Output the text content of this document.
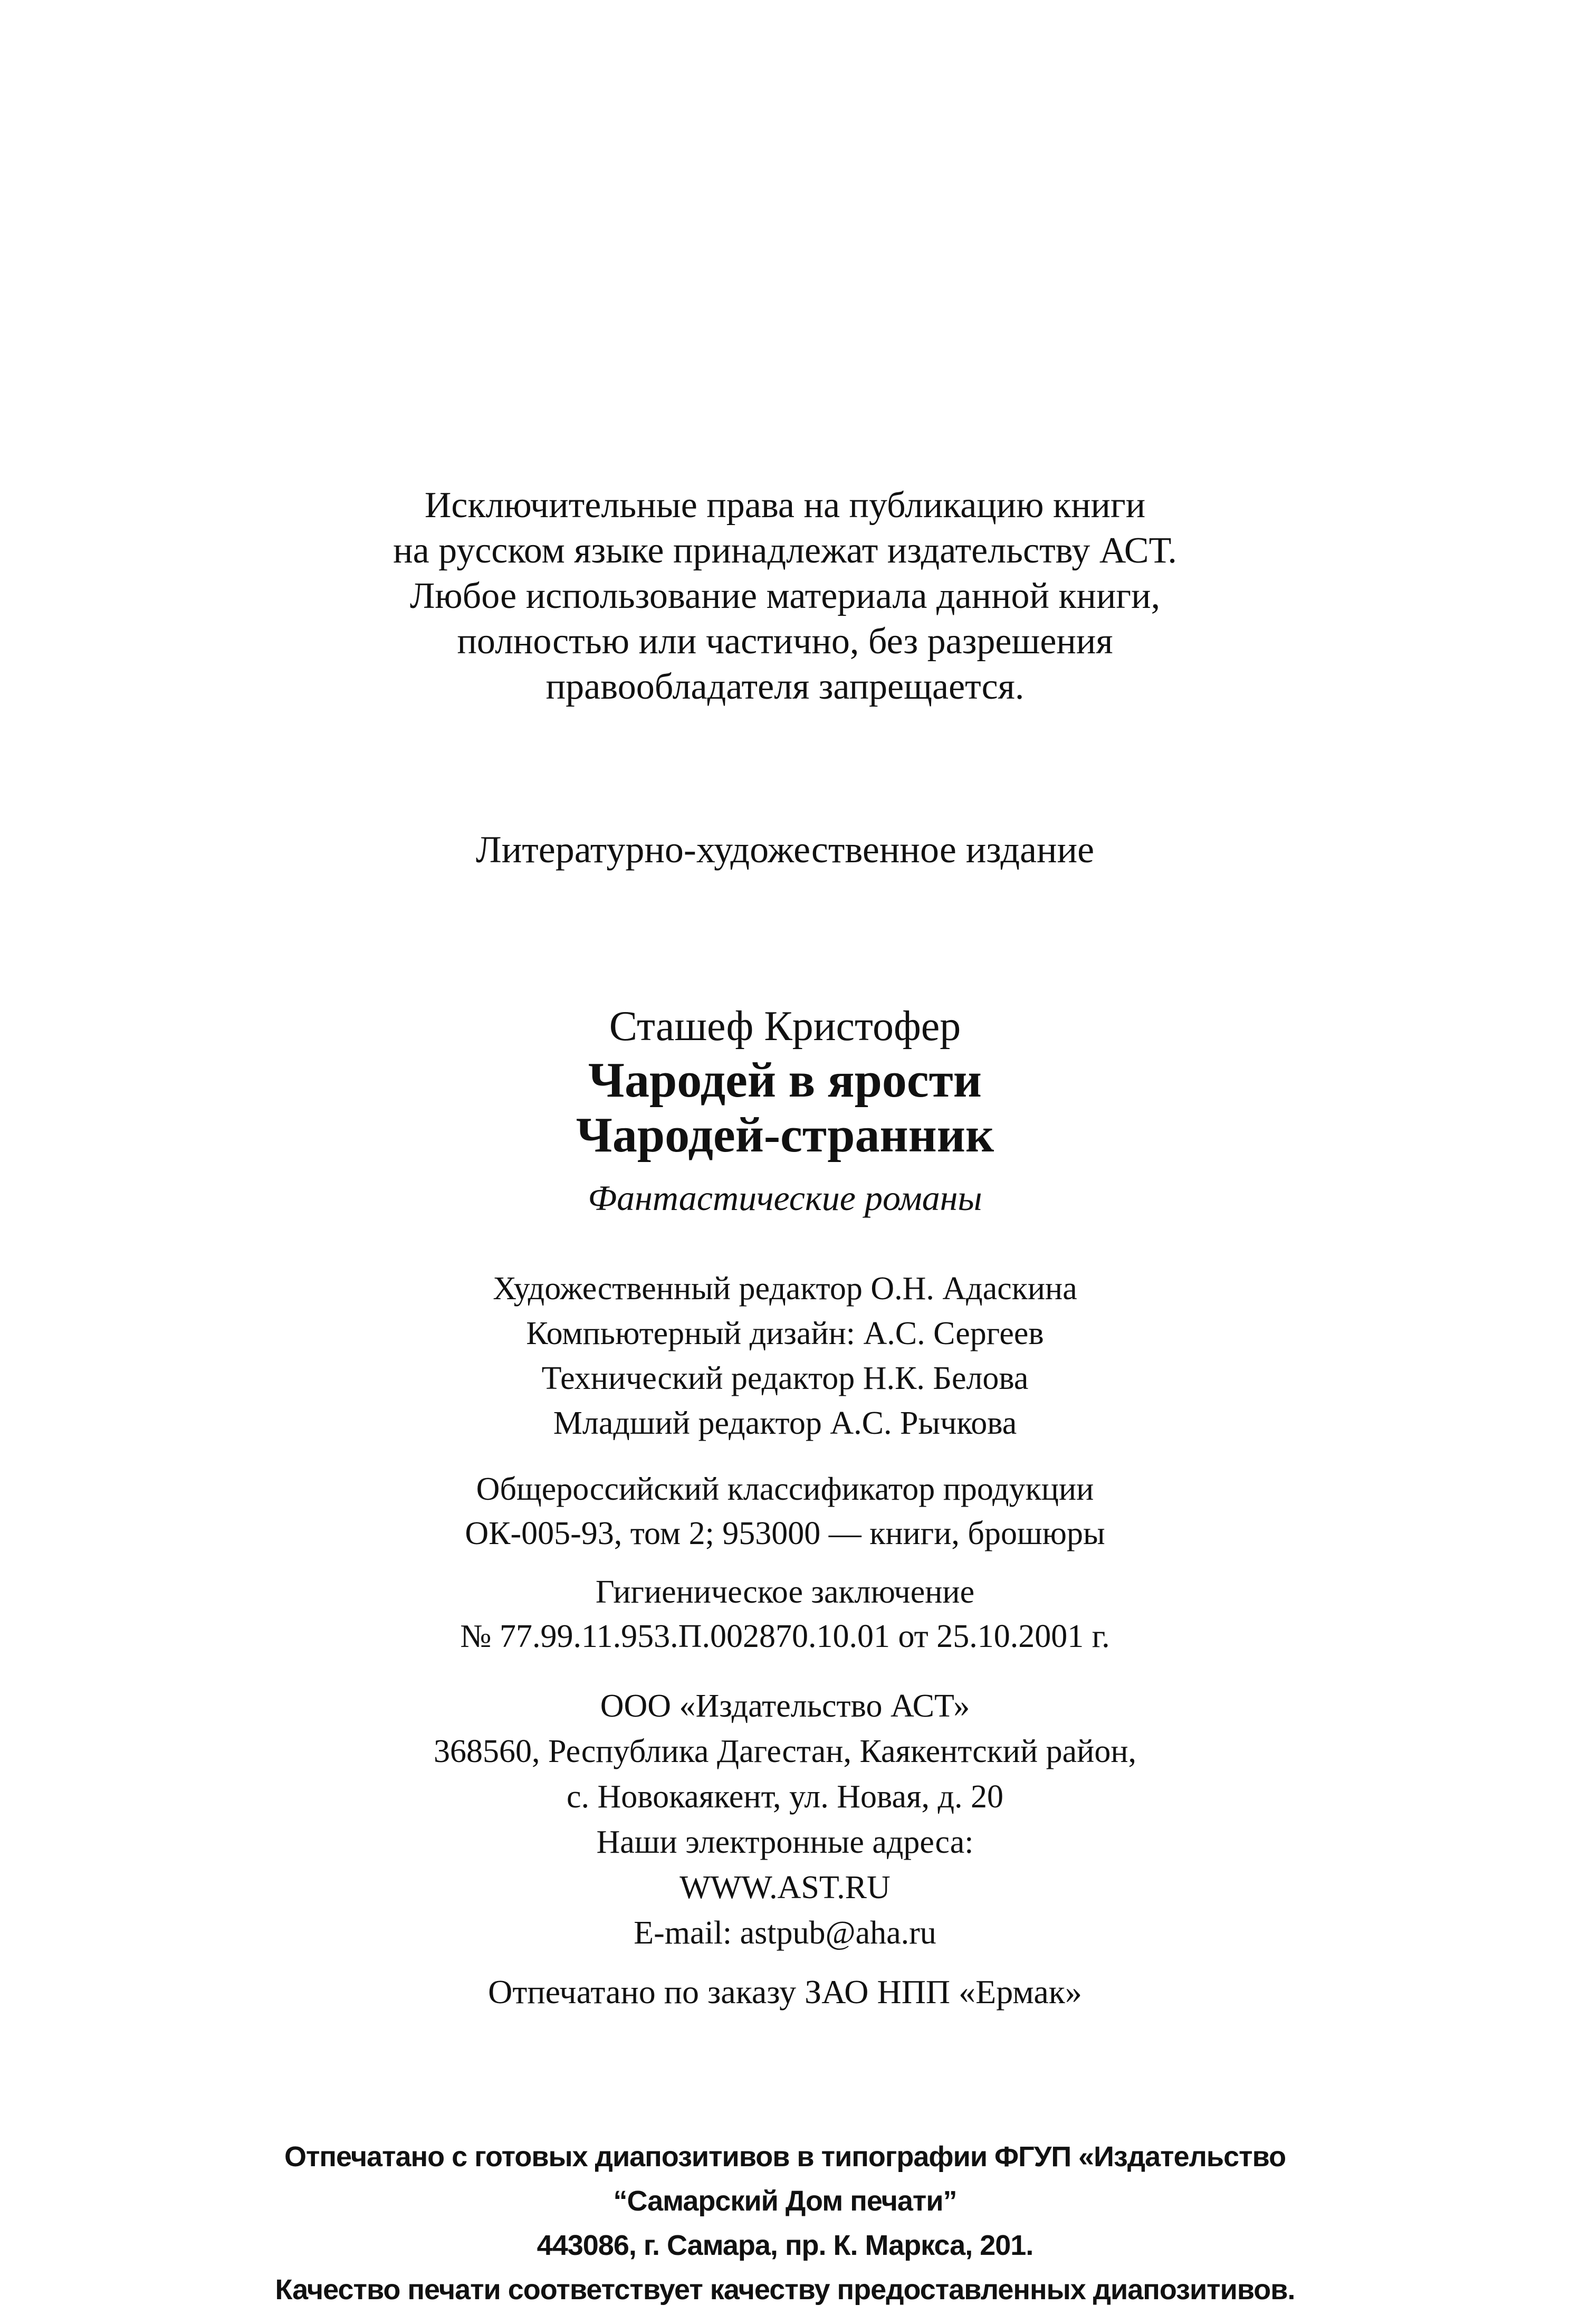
Исключительные права на публикацию книги
на русском языке принадлежат издательству АСТ.
Любое использование материала данной книги,
полностью или частично, без разрешения
правообладателя запрещается.
Литературно-художественное издание
Сташеф Кристофер
Чародей в ярости
Чародей-странник
Фантастические романы
Художественный редактор О.Н. Адаскина
Компьютерный дизайн: А.С. Сергеев
Технический редактор Н.К. Белова
Младший редактор А.С. Рычкова
Общероссийский классификатор продукции
ОК-005-93, том 2; 953000 — книги, брошюры
Гигиеническое заключение
№ 77.99.11.953.П.002870.10.01 от 25.10.2001 г.
ООО «Издательство АСТ»
368560, Республика Дагестан, Каякентский район,
с. Новокаякент, ул. Новая, д. 20
Наши электронные адреса:
WWW.AST.RU
E-mail: astpub@aha.ru
Отпечатано по заказу ЗАО НПП «Ермак»
Отпечатано с готовых диапозитивов в типографии ФГУП «Издательство
“Самарский Дом печати”
443086, г. Самара, пр. К. Маркса, 201.
Качество печати соответствует качеству предоставленных диапозитивов.
